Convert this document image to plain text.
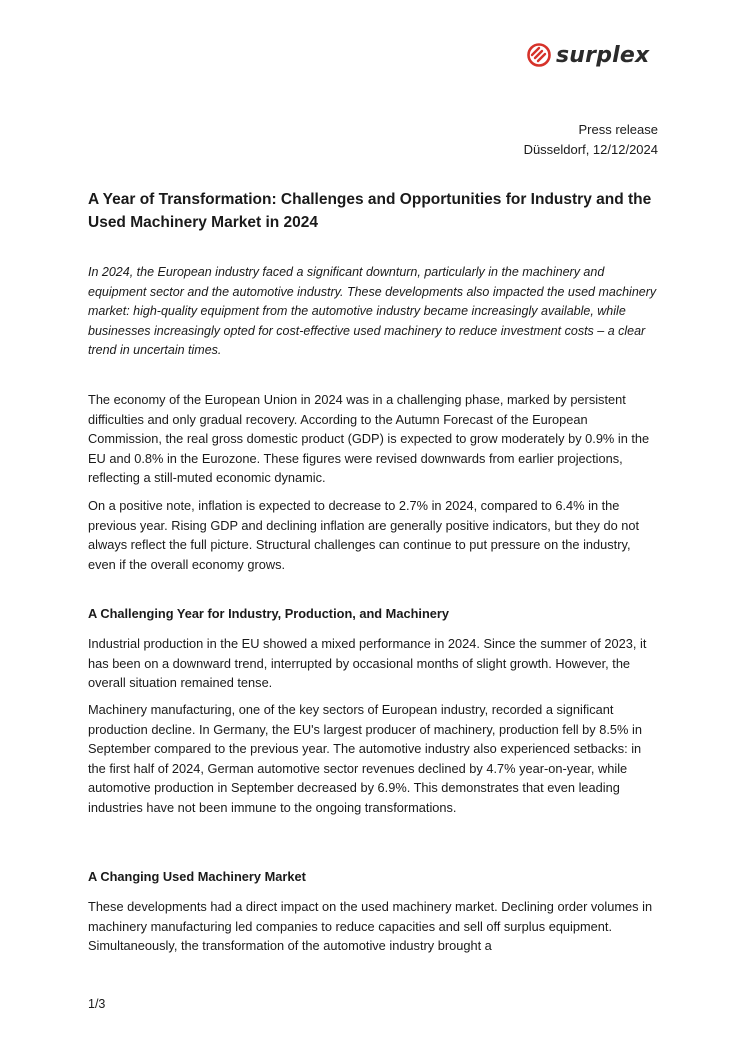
surplex
Press release
Düsseldorf, 12/12/2024
A Year of Transformation: Challenges and Opportunities for Industry and the Used Machinery Market in 2024

In 2024, the European industry faced a significant downturn, particularly in the machinery and equipment sector and the automotive industry. These developments also impacted the used machinery market: high-quality equipment from the automotive industry became increasingly available, while businesses increasingly opted for cost-effective used machinery to reduce investment costs – a clear trend in uncertain times.

The economy of the European Union in 2024 was in a challenging phase, marked by persistent difficulties and only gradual recovery. According to the Autumn Forecast of the European Commission, the real gross domestic product (GDP) is expected to grow moderately by 0.9% in the EU and 0.8% in the Eurozone. These figures were revised downwards from earlier projections, reflecting a still-muted economic dynamic.

On a positive note, inflation is expected to decrease to 2.7% in 2024, compared to 6.4% in the previous year. Rising GDP and declining inflation are generally positive indicators, but they do not always reflect the full picture. Structural challenges can continue to put pressure on the industry, even if the overall economy grows.

A Challenging Year for Industry, Production, and Machinery

Industrial production in the EU showed a mixed performance in 2024. Since the summer of 2023, it has been on a downward trend, interrupted by occasional months of slight growth. However, the overall situation remained tense.

Machinery manufacturing, one of the key sectors of European industry, recorded a significant production decline. In Germany, the EU's largest producer of machinery, production fell by 8.5% in September compared to the previous year. The automotive industry also experienced setbacks: in the first half of 2024, German automotive sector revenues declined by 4.7% year-on-year, while automotive production in September decreased by 6.9%. This demonstrates that even leading industries have not been immune to the ongoing transformations.

A Changing Used Machinery Market

These developments had a direct impact on the used machinery market. Declining order volumes in machinery manufacturing led companies to reduce capacities and sell off surplus equipment. Simultaneously, the transformation of the automotive industry brought a

1/3
